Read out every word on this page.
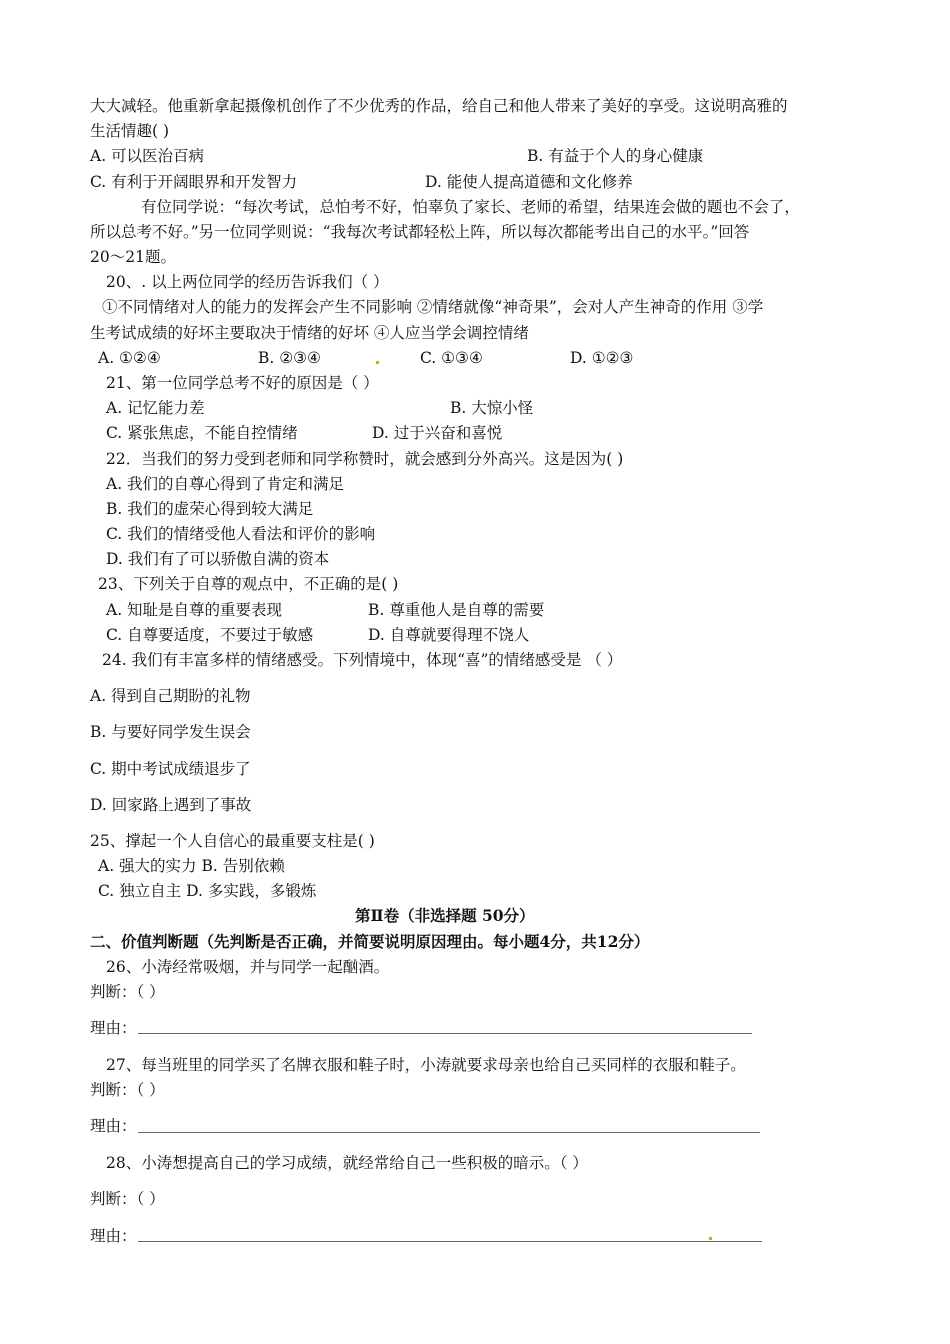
大大减轻。他重新拿起摄像机创作了不少优秀的作品，给自己和他人带来了美好的享受。这说明高雅的
生活情趣( )
A. 可以医治百病	B. 有益于个人的身心健康
C. 有利于开阔眼界和开发智力	D. 能使人提高道德和文化修养
有位同学说：“每次考试，总怕考不好，怕辜负了家长、老师的希望，结果连会做的题也不会了，
所以总考不好。”另一位同学则说：“我每次考试都轻松上阵，所以每次都能考出自己的水平。”回答
20～21题。
20、. 以上两位同学的经历告诉我们（ ）
①不同情绪对人的能力的发挥会产生不同影响 ②情绪就像“神奇果”，会对人产生神奇的作用 ③学
生考试成绩的好坏主要取决于情绪的好坏 ④人应当学会调控情绪
A. ①②④	B. ②③④	C. ①③④	D. ①②③
21、第一位同学总考不好的原因是（ ）
A. 记忆能力差	B. 大惊小怪
C. 紧张焦虑，不能自控情绪	D. 过于兴奋和喜悦
22．当我们的努力受到老师和同学称赞时，就会感到分外高兴。这是因为( )
A. 我们的自尊心得到了肯定和满足
B. 我们的虚荣心得到较大满足
C. 我们的情绪受他人看法和评价的影响
D. 我们有了可以骄傲自满的资本
23、下列关于自尊的观点中，不正确的是( )
A. 知耻是自尊的重要表现	B. 尊重他人是自尊的需要
C. 自尊要适度，不要过于敏感	D. 自尊就要得理不饶人
24. 我们有丰富多样的情绪感受。下列情境中，体现“喜”的情绪感受是 （ ）
A. 得到自己期盼的礼物
B. 与要好同学发生误会
C. 期中考试成绩退步了
D. 回家路上遇到了事故
25、撑起一个人自信心的最重要支柱是( )
A. 强大的实力 B. 告别依赖
C. 独立自主 D. 多实践，多锻炼
第Ⅱ卷（非选择题 50分）
二、价值判断题（先判断是否正确，并简要说明原因理由。每小题4分，共12分）
26、小涛经常吸烟，并与同学一起酗酒。
判断：（ ）
理由：
27、每当班里的同学买了名牌衣服和鞋子时，小涛就要求母亲也给自己买同样的衣服和鞋子。
判断：（ ）
理由：
28、小涛想提高自己的学习成绩，就经常给自己一些积极的暗示。（ ）
判断：（ ）
理由：
